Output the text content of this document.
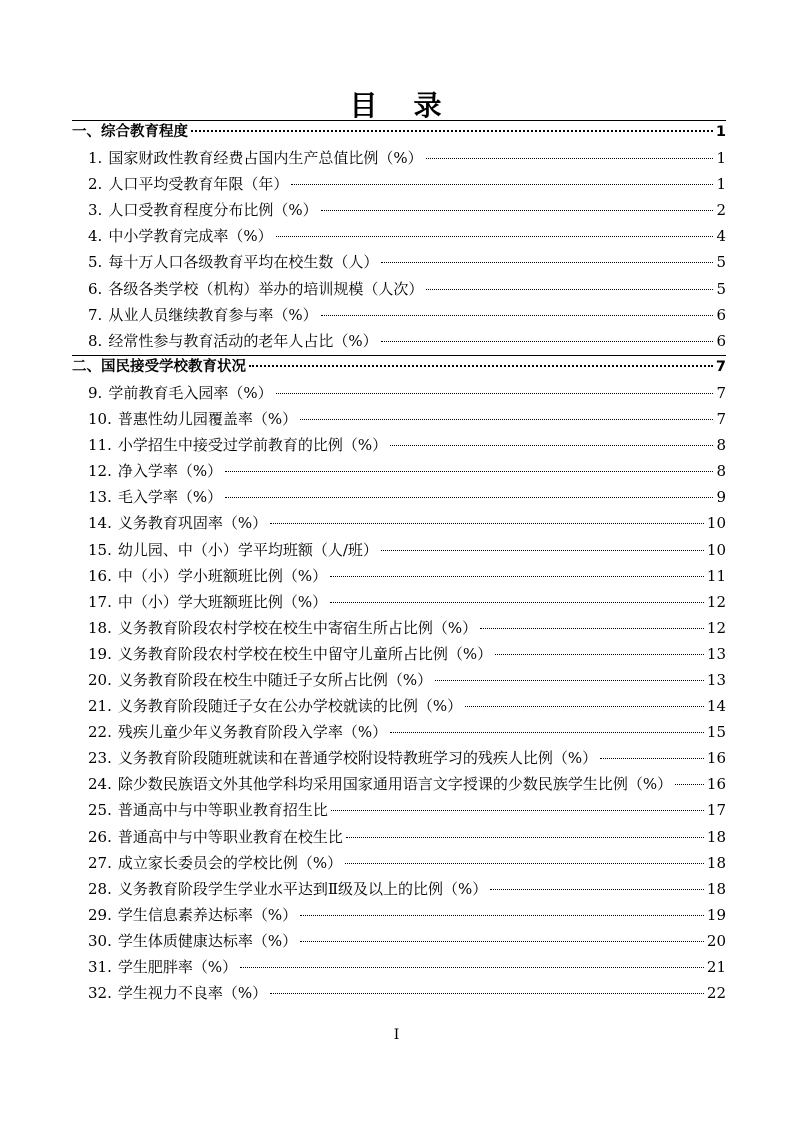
目 录
一、综合教育程度	1
1. 国家财政性教育经费占国内生产总值比例（%）	1
2. 人口平均受教育年限（年）	1
3. 人口受教育程度分布比例（%）	2
4. 中小学教育完成率（%）	4
5. 每十万人口各级教育平均在校生数（人）	5
6. 各级各类学校（机构）举办的培训规模（人次）	5
7. 从业人员继续教育参与率（%）	6
8. 经常性参与教育活动的老年人占比（%）	6
二、国民接受学校教育状况	7
9. 学前教育毛入园率（%）	7
10. 普惠性幼儿园覆盖率（%）	7
11. 小学招生中接受过学前教育的比例（%）	8
12. 净入学率（%）	8
13. 毛入学率（%）	9
14. 义务教育巩固率（%）	10
15. 幼儿园、中（小）学平均班额（人/班）	10
16. 中（小）学小班额班比例（%）	11
17. 中（小）学大班额班比例（%）	12
18. 义务教育阶段农村学校在校生中寄宿生所占比例（%）	12
19. 义务教育阶段农村学校在校生中留守儿童所占比例（%）	13
20. 义务教育阶段在校生中随迁子女所占比例（%）	13
21. 义务教育阶段随迁子女在公办学校就读的比例（%）	14
22. 残疾儿童少年义务教育阶段入学率（%）	15
23. 义务教育阶段随班就读和在普通学校附设特教班学习的残疾人比例（%）	16
24. 除少数民族语文外其他学科均采用国家通用语言文字授课的少数民族学生比例（%） 16
25. 普通高中与中等职业教育招生比	17
26. 普通高中与中等职业教育在校生比	18
27. 成立家长委员会的学校比例（%）	18
28. 义务教育阶段学生学业水平达到Ⅱ级及以上的比例（%）	18
29. 学生信息素养达标率（%）	19
30. 学生体质健康达标率（%）	20
31. 学生肥胖率（%）	21
32. 学生视力不良率（%）	22
I
